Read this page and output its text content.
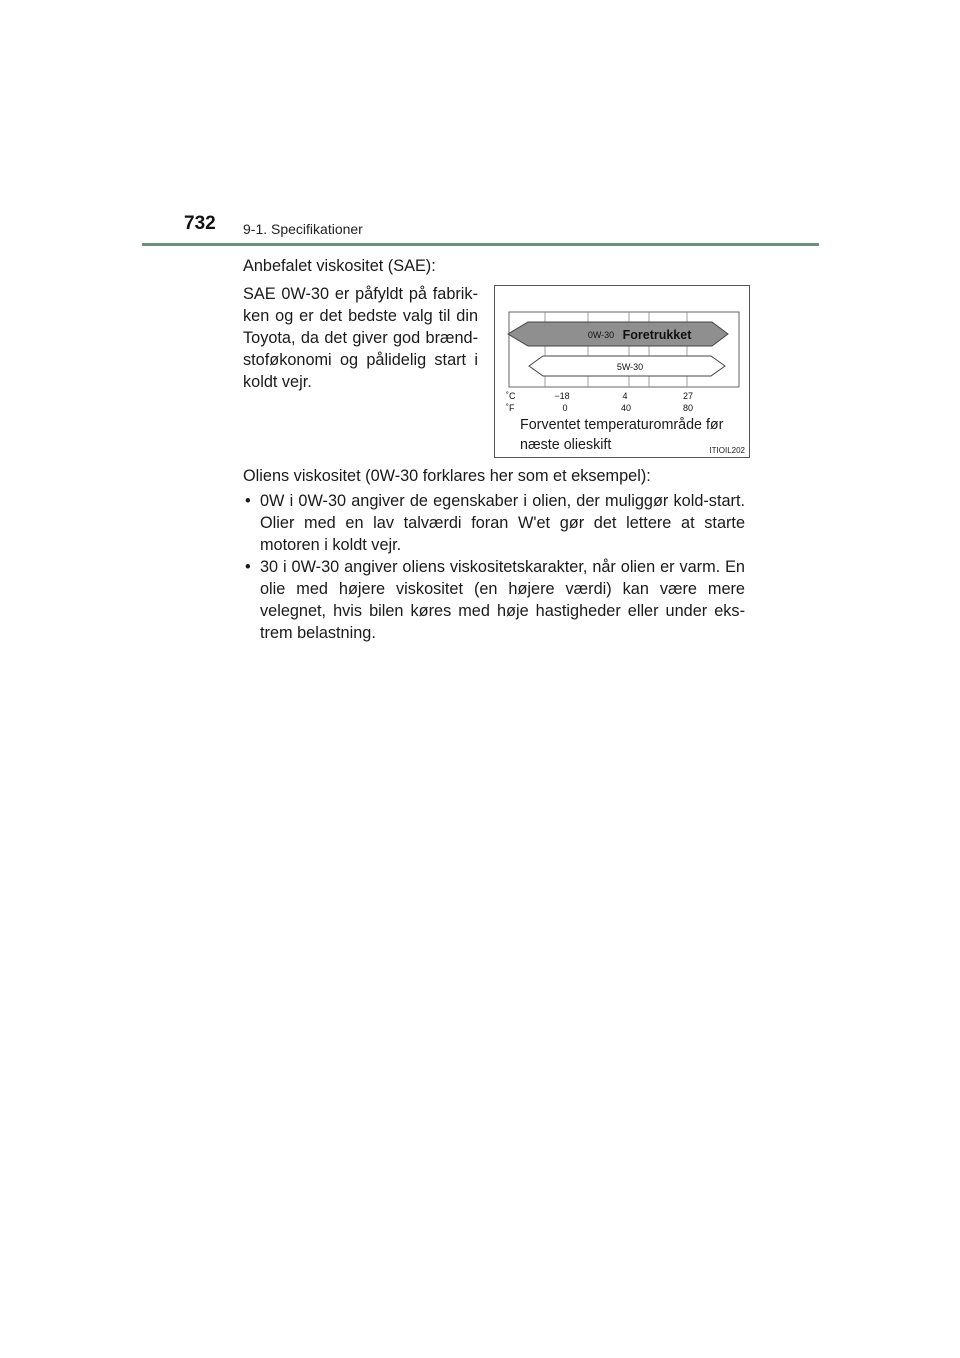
732 9-1. Specifikationer
Anbefalet viskositet (SAE):
SAE 0W-30 er påfyldt på fabrik-ken og er det bedste valg til din Toyota, da det giver god brænd-stoføkonomi og pålidelig start i koldt vejr.
0W-30 Foretrukket
5W-30
˚C
˚F
−18	4	27
0	40	80
Forventet temperaturområde før næste olieskift	ITIOIL202
Oliens viskositet (0W-30 forklares her som et eksempel):
• 0W i 0W-30 angiver de egenskaber i olien, der muliggør kold-start. Olier med en lav talværdi foran W'et gør det lettere at starte motoren i koldt vejr.
• 30 i 0W-30 angiver oliens viskositetskarakter, når olien er varm. En olie med højere viskositet (en højere værdi) kan være mere velegnet, hvis bilen køres med høje hastigheder eller under eks-trem belastning.
